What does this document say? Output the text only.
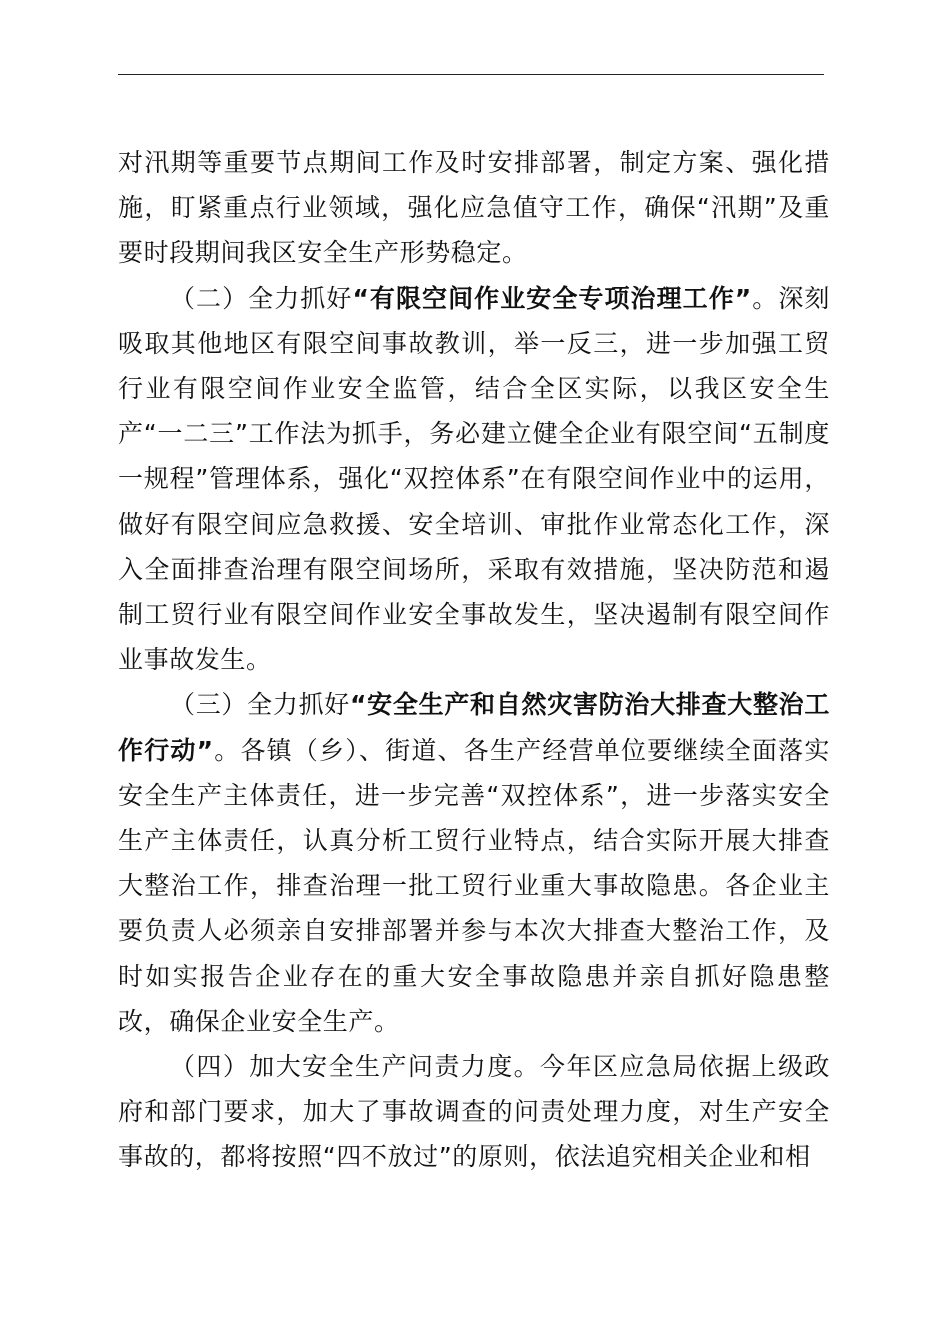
对汛期等重要节点期间工作及时安排部署，制定方案、强化措施，盯紧重点行业领域，强化应急值守工作，确保“汛期”及重要时段期间我区安全生产形势稳定。

（二）全力抓好“有限空间作业安全专项治理工作”。深刻吸取其他地区有限空间事故教训，举一反三，进一步加强工贸行业有限空间作业安全监管，结合全区实际，以我区安全生产“一二三”工作法为抓手，务必建立健全企业有限空间“五制度一规程”管理体系，强化“双控体系”在有限空间作业中的运用，做好有限空间应急救援、安全培训、审批作业常态化工作，深入全面排查治理有限空间场所，采取有效措施，坚决防范和遏制工贸行业有限空间作业安全事故发生，坚决遏制有限空间作业事故发生。

（三）全力抓好“安全生产和自然灾害防治大排查大整治工作行动”。各镇（乡）、街道、各生产经营单位要继续全面落实安全生产主体责任，进一步完善“双控体系”，进一步落实安全生产主体责任，认真分析工贸行业特点，结合实际开展大排查大整治工作，排查治理一批工贸行业重大事故隐患。各企业主要负责人必须亲自安排部署并参与本次大排查大整治工作，及时如实报告企业存在的重大安全事故隐患并亲自抓好隐患整改，确保企业安全生产。

（四）加大安全生产问责力度。今年区应急局依据上级政府和部门要求，加大了事故调查的问责处理力度，对生产安全事故的，都将按照“四不放过”的原则，依法追究相关企业和相
